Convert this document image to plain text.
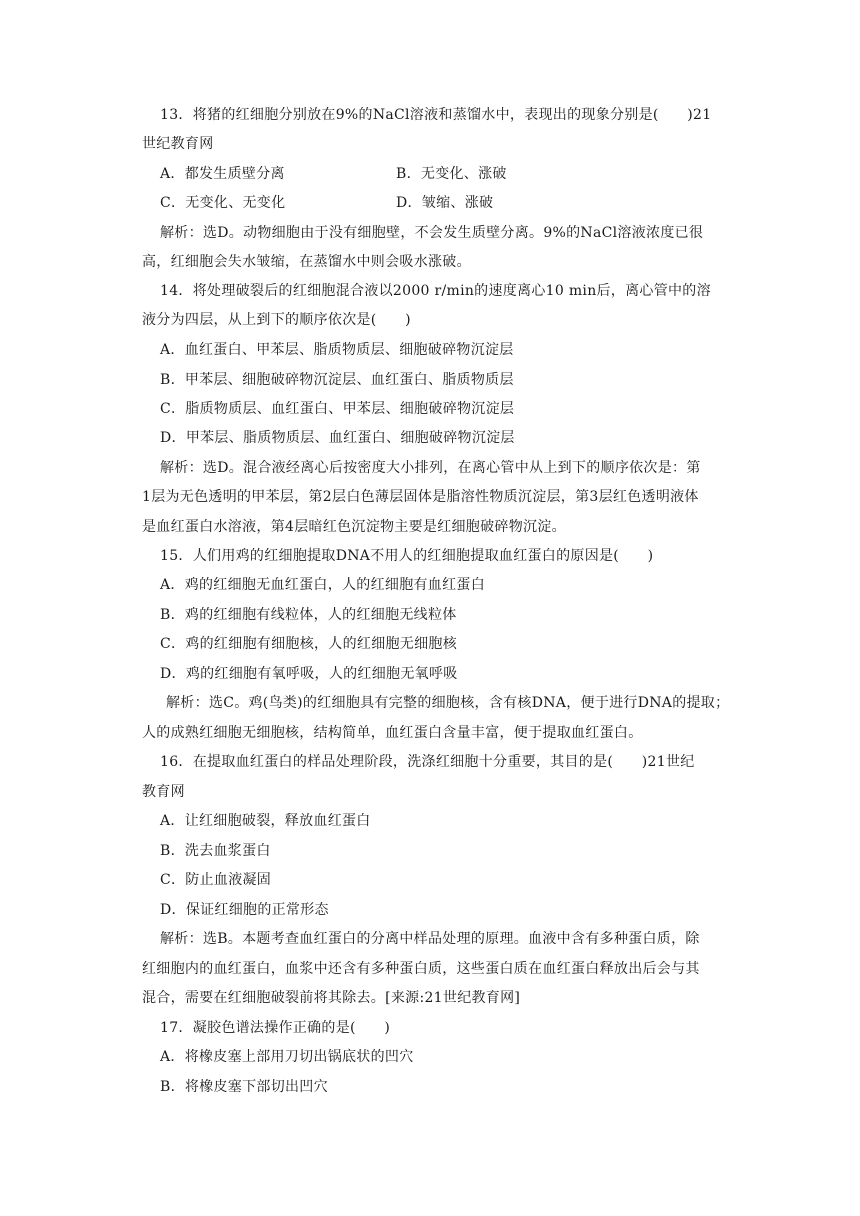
13．将猪的红细胞分别放在9%的NaCl溶液和蒸馏水中，表现出的现象分别是(　　)21

世纪教育网

A．都发生质壁分离	B．无变化、涨破

C．无变化、无变化	D．皱缩、涨破

解析：选D。动物细胞由于没有细胞壁，不会发生质壁分离。9%的NaCl溶液浓度已很

高，红细胞会失水皱缩，在蒸馏水中则会吸水涨破。

14．将处理破裂后的红细胞混合液以2000 r/min的速度离心10 min后，离心管中的溶

液分为四层，从上到下的顺序依次是(　　)

A．血红蛋白、甲苯层、脂质物质层、细胞破碎物沉淀层

B．甲苯层、细胞破碎物沉淀层、血红蛋白、脂质物质层

C．脂质物质层、血红蛋白、甲苯层、细胞破碎物沉淀层

D．甲苯层、脂质物质层、血红蛋白、细胞破碎物沉淀层

解析：选D。混合液经离心后按密度大小排列，在离心管中从上到下的顺序依次是：第

1层为无色透明的甲苯层，第2层白色薄层固体是脂溶性物质沉淀层，第3层红色透明液体

是血红蛋白水溶液，第4层暗红色沉淀物主要是红细胞破碎物沉淀。

15．人们用鸡的红细胞提取DNA不用人的红细胞提取血红蛋白的原因是(　　)

A．鸡的红细胞无血红蛋白，人的红细胞有血红蛋白

B．鸡的红细胞有线粒体，人的红细胞无线粒体

C．鸡的红细胞有细胞核，人的红细胞无细胞核

D．鸡的红细胞有氧呼吸，人的红细胞无氧呼吸

解析：选C。鸡(鸟类)的红细胞具有完整的细胞核，含有核DNA，便于进行DNA的提取；

人的成熟红细胞无细胞核，结构简单，血红蛋白含量丰富，便于提取血红蛋白。

16．在提取血红蛋白的样品处理阶段，洗涤红细胞十分重要，其目的是(　　)21世纪

教育网

A．让红细胞破裂，释放血红蛋白

B．洗去血浆蛋白

C．防止血液凝固

D．保证红细胞的正常形态

解析：选B。本题考查血红蛋白的分离中样品处理的原理。血液中含有多种蛋白质，除

红细胞内的血红蛋白，血浆中还含有多种蛋白质，这些蛋白质在血红蛋白释放出后会与其

混合，需要在红细胞破裂前将其除去。[来源:21世纪教育网]

17．凝胶色谱法操作正确的是(　　)

A．将橡皮塞上部用刀切出锅底状的凹穴

B．将橡皮塞下部切出凹穴
